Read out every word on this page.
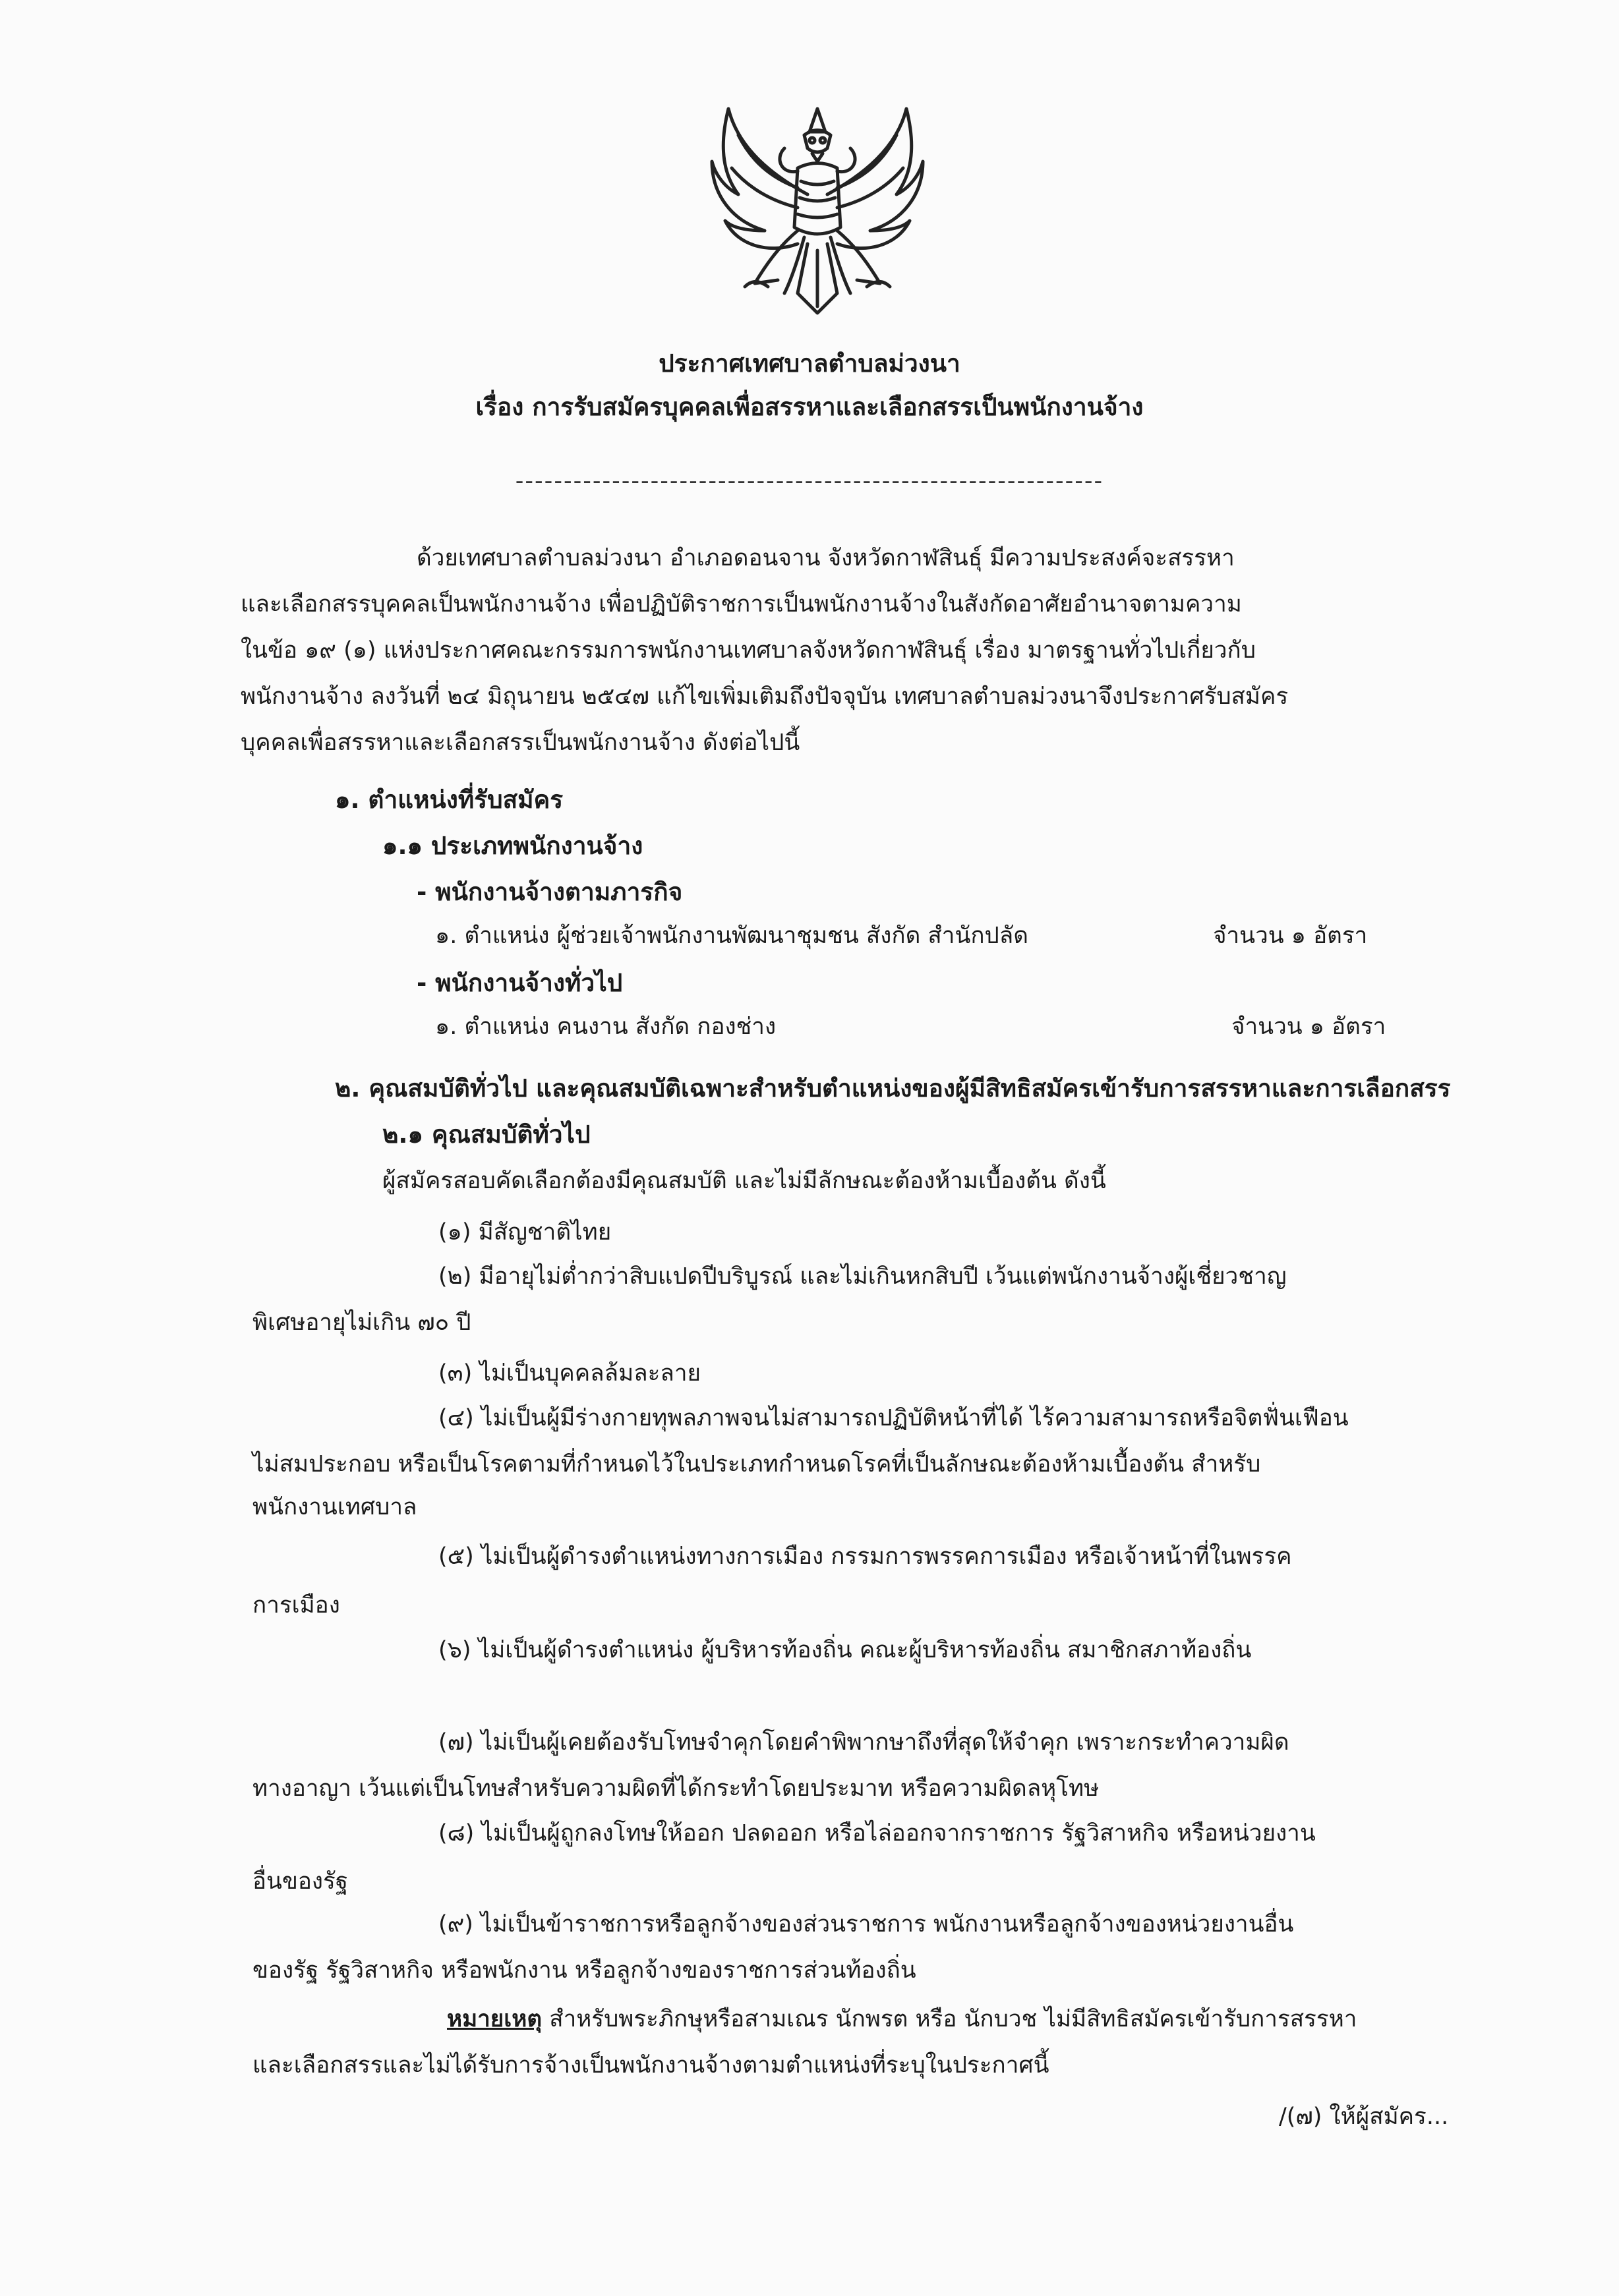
ประกาศเทศบาลตำบลม่วงนา
เรื่อง การรับสมัครบุคคลเพื่อสรรหาและเลือกสรรเป็นพนักงานจ้าง
-------------------------------------------------------------
ด้วยเทศบาลตำบลม่วงนา อำเภอดอนจาน จังหวัดกาฬสินธุ์ มีความประสงค์จะสรรหา
และเลือกสรรบุคคลเป็นพนักงานจ้าง เพื่อปฏิบัติราชการเป็นพนักงานจ้างในสังกัดอาศัยอำนาจตามความ
ในข้อ ๑๙ (๑) แห่งประกาศคณะกรรมการพนักงานเทศบาลจังหวัดกาฬสินธุ์ เรื่อง มาตรฐานทั่วไปเกี่ยวกับ
พนักงานจ้าง ลงวันที่ ๒๔ มิถุนายน ๒๕๔๗ แก้ไขเพิ่มเติมถึงปัจจุบัน เทศบาลตำบลม่วงนาจึงประกาศรับสมัคร
บุคคลเพื่อสรรหาและเลือกสรรเป็นพนักงานจ้าง ดังต่อไปนี้
๑. ตำแหน่งที่รับสมัคร
๑.๑ ประเภทพนักงานจ้าง
- พนักงานจ้างตามภารกิจ
๑. ตำแหน่ง ผู้ช่วยเจ้าพนักงานพัฒนาชุมชน สังกัด สำนักปลัด	จำนวน ๑ อัตรา
- พนักงานจ้างทั่วไป
๑. ตำแหน่ง คนงาน สังกัด กองช่าง	จำนวน ๑ อัตรา
๒. คุณสมบัติทั่วไป และคุณสมบัติเฉพาะสำหรับตำแหน่งของผู้มีสิทธิสมัครเข้ารับการสรรหาและการเลือกสรร
๒.๑ คุณสมบัติทั่วไป
ผู้สมัครสอบคัดเลือกต้องมีคุณสมบัติ และไม่มีลักษณะต้องห้ามเบื้องต้น ดังนี้
(๑) มีสัญชาติไทย
(๒) มีอายุไม่ต่ำกว่าสิบแปดปีบริบูรณ์ และไม่เกินหกสิบปี เว้นแต่พนักงานจ้างผู้เชี่ยวชาญ
พิเศษอายุไม่เกิน ๗๐ ปี
(๓) ไม่เป็นบุคคลล้มละลาย
(๔) ไม่เป็นผู้มีร่างกายทุพลภาพจนไม่สามารถปฏิบัติหน้าที่ได้ ไร้ความสามารถหรือจิตฟั่นเฟือน
ไม่สมประกอบ หรือเป็นโรคตามที่กำหนดไว้ในประเภทกำหนดโรคที่เป็นลักษณะต้องห้ามเบื้องต้น สำหรับ
พนักงานเทศบาล
(๕) ไม่เป็นผู้ดำรงตำแหน่งทางการเมือง กรรมการพรรคการเมือง หรือเจ้าหน้าที่ในพรรค
การเมือง
(๖) ไม่เป็นผู้ดำรงตำแหน่ง ผู้บริหารท้องถิ่น คณะผู้บริหารท้องถิ่น สมาชิกสภาท้องถิ่น
(๗) ไม่เป็นผู้เคยต้องรับโทษจำคุกโดยคำพิพากษาถึงที่สุดให้จำคุก เพราะกระทำความผิด
ทางอาญา เว้นแต่เป็นโทษสำหรับความผิดที่ได้กระทำโดยประมาท หรือความผิดลหุโทษ
(๘) ไม่เป็นผู้ถูกลงโทษให้ออก ปลดออก หรือไล่ออกจากราชการ รัฐวิสาหกิจ หรือหน่วยงาน
อื่นของรัฐ
(๙) ไม่เป็นข้าราชการหรือลูกจ้างของส่วนราชการ พนักงานหรือลูกจ้างของหน่วยงานอื่น
ของรัฐ รัฐวิสาหกิจ หรือพนักงาน หรือลูกจ้างของราชการส่วนท้องถิ่น
หมายเหตุ สำหรับพระภิกษุหรือสามเณร นักพรต หรือ นักบวช ไม่มีสิทธิสมัครเข้ารับการสรรหา
และเลือกสรรและไม่ได้รับการจ้างเป็นพนักงานจ้างตามตำแหน่งที่ระบุในประกาศนี้
/(๗) ให้ผู้สมัคร...
